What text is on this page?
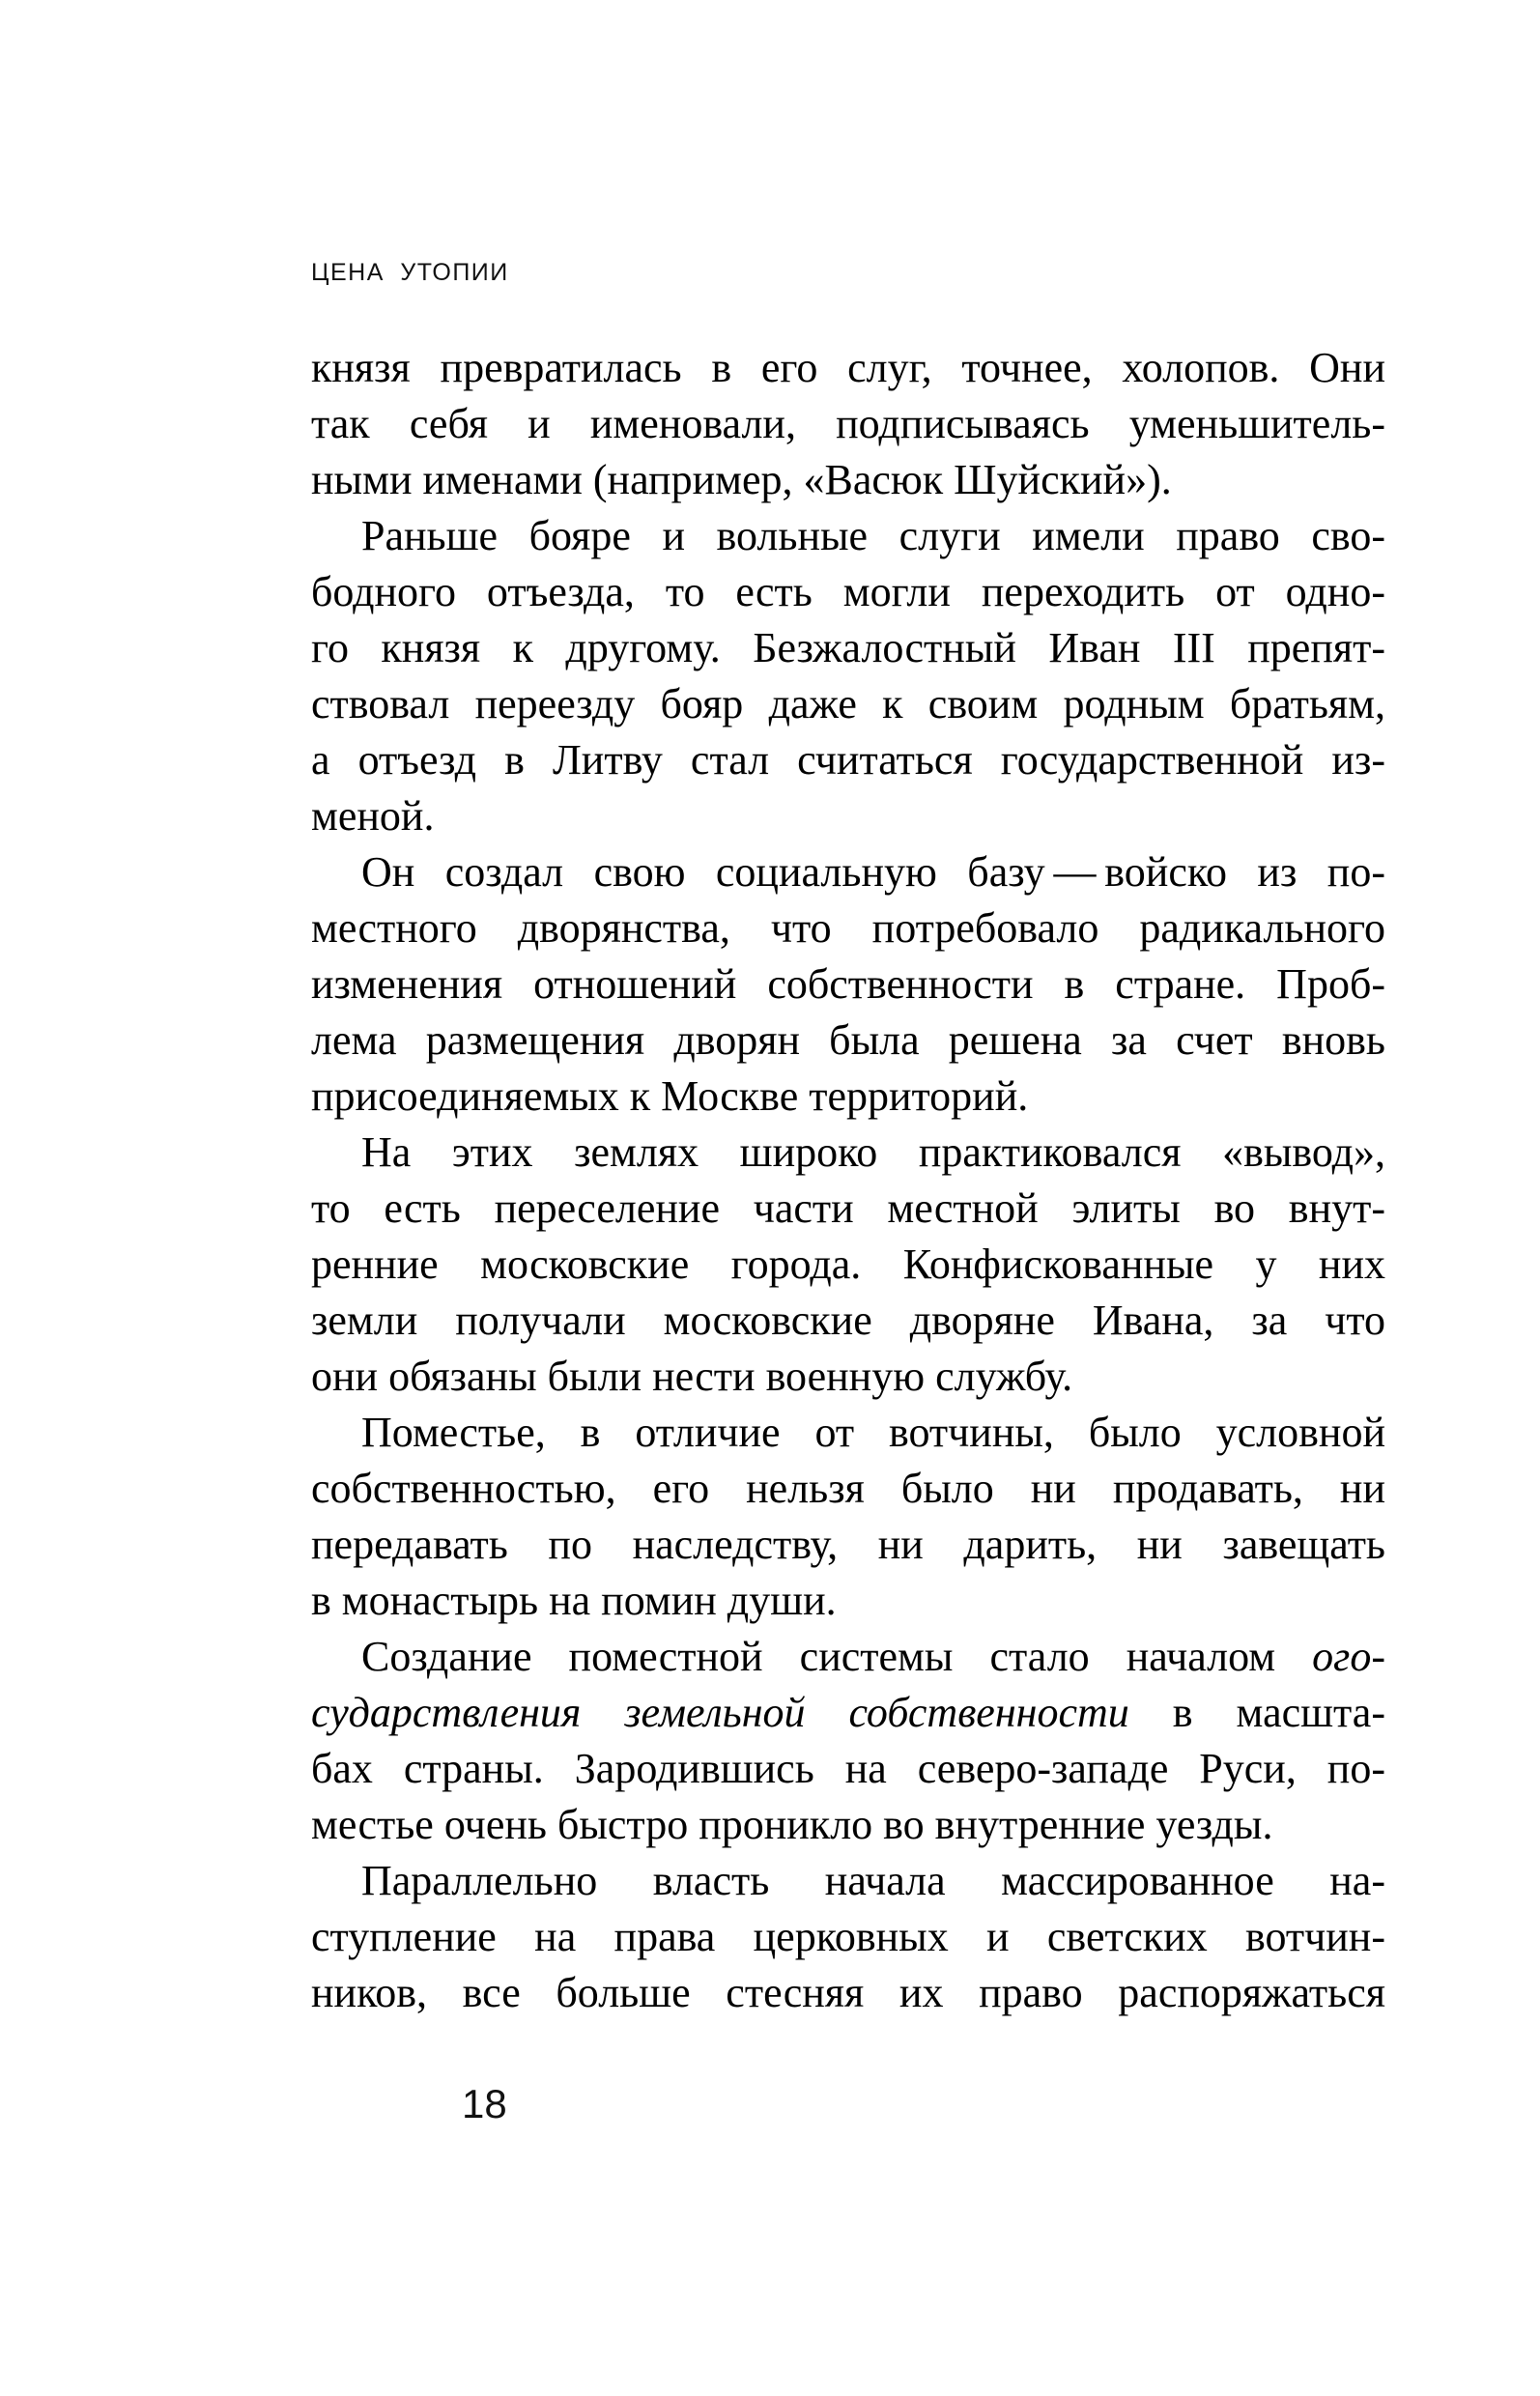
ЦЕНА УТОПИИ
князя превратилась в его слуг, точнее, холопов. Они
так себя и именовали, подписываясь уменьшитель-
ными именами (например, «Васюк Шуйский»).
Раньше бояре и вольные слуги имели право сво-
бодного отъезда, то есть могли переходить от одно-
го князя к другому. Безжалостный Иван III препят-
ствовал переезду бояр даже к своим родным братьям,
а отъезд в Литву стал считаться государственной из-
меной.
Он создал свою социальную базу — войско из по-
местного дворянства, что потребовало радикального
изменения отношений собственности в стране. Проб-
лема размещения дворян была решена за счет вновь
присоединяемых к Москве территорий.
На этих землях широко практиковался «вывод»,
то есть переселение части местной элиты во внут-
ренние московские города. Конфискованные у них
земли получали московские дворяне Ивана, за что
они обязаны были нести военную службу.
Поместье, в отличие от вотчины, было условной
собственностью, его нельзя было ни продавать, ни
передавать по наследству, ни дарить, ни завещать
в монастырь на помин души.
Создание поместной системы стало началом ого-
сударствления земельной собственности в масшта-
бах страны. Зародившись на северо-западе Руси, по-
местье очень быстро проникло во внутренние уезды.
Параллельно власть начала массированное на-
ступление на права церковных и светских вотчин-
ников, все больше стесняя их право распоряжаться
18
